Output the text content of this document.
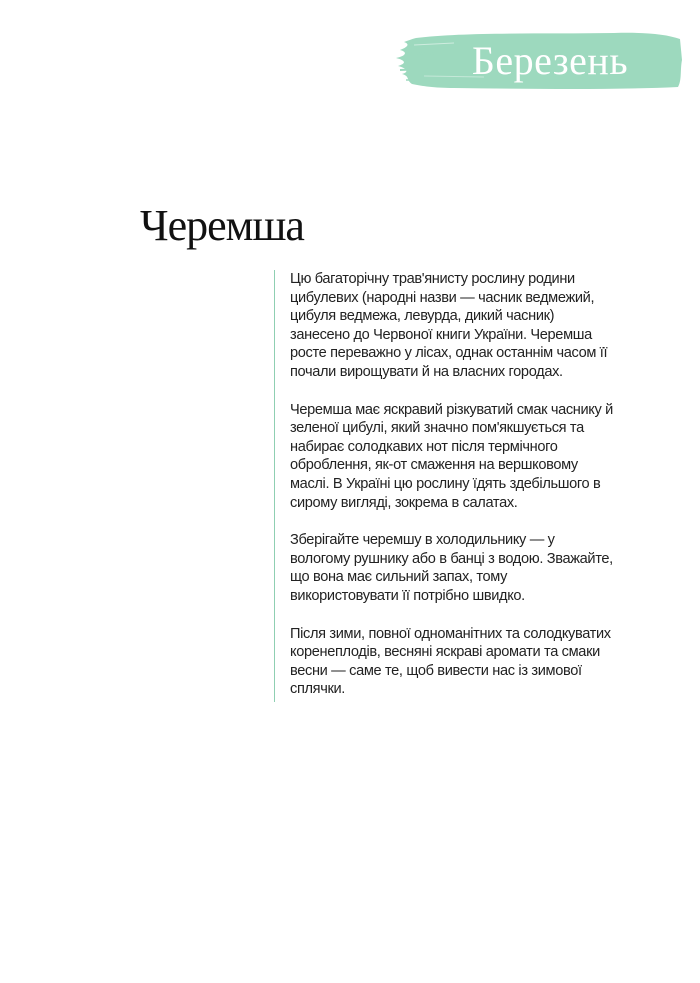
Березень
Черемша

Цю багаторічну трав'янисту рослину родини цибулевих (народні назви — часник ведмежий, цибуля ведмежа, левурда, дикий часник) занесено до Червоної книги України. Черемша росте переважно у лісах, однак останнім часом її почали вирощувати й на власних городах.

Черемша має яскравий різкуватий смак часнику й зеленої цибулі, який значно пом'якшується та набирає солодкавих нот після термічного оброблення, як-от смаження на вершковому маслі. В Україні цю рослину їдять здебільшого в сирому вигляді, зокрема в салатах.

Зберігайте черемшу в холодильнику — у вологому рушнику або в банці з водою. Зважайте, що вона має сильний запах, тому використовувати її потрібно швидко.

Після зими, повної одноманітних та солодкуватих коренеплодів, весняні яскраві аромати та смаки весни — саме те, щоб вивести нас із зимової сплячки.
